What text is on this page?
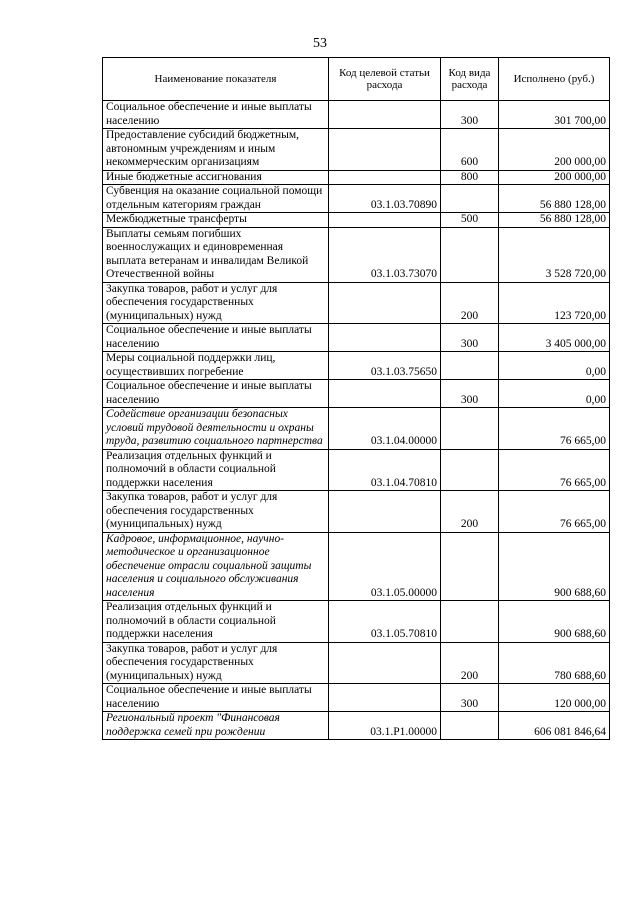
53
Наименование показателя	Код целевой статьи расхода	Код вида расхода	Исполнено (руб.)
Социальное обеспечение и иные выплаты населению		300	301 700,00
Предоставление субсидий бюджетным, автономным учреждениям и иным некоммерческим организациям		600	200 000,00
Иные бюджетные ассигнования		800	200 000,00
Субвенция на оказание социальной помощи отдельным категориям граждан	03.1.03.70890		56 880 128,00
Межбюджетные трансферты		500	56 880 128,00
Выплаты семьям погибших военнослужащих и единовременная выплата ветеранам и инвалидам Великой Отечественной войны	03.1.03.73070		3 528 720,00
Закупка товаров, работ и услуг для обеспечения государственных (муниципальных) нужд		200	123 720,00
Социальное обеспечение и иные выплаты населению		300	3 405 000,00
Меры социальной поддержки лиц, осуществивших погребение	03.1.03.75650		0,00
Социальное обеспечение и иные выплаты населению		300	0,00
Содействие организации безопасных условий трудовой деятельности и охраны труда, развитию социального партнерства	03.1.04.00000		76 665,00
Реализация отдельных функций и полномочий в области социальной поддержки населения	03.1.04.70810		76 665,00
Закупка товаров, работ и услуг для обеспечения государственных (муниципальных) нужд		200	76 665,00
Кадровое, информационное, научно-методическое и организационное обеспечение отрасли социальной защиты населения и социального обслуживания населения	03.1.05.00000		900 688,60
Реализация отдельных функций и полномочий в области социальной поддержки населения	03.1.05.70810		900 688,60
Закупка товаров, работ и услуг для обеспечения государственных (муниципальных) нужд		200	780 688,60
Социальное обеспечение и иные выплаты населению		300	120 000,00
Региональный проект "Финансовая поддержка семей при рождении	03.1.P1.00000		606 081 846,64
